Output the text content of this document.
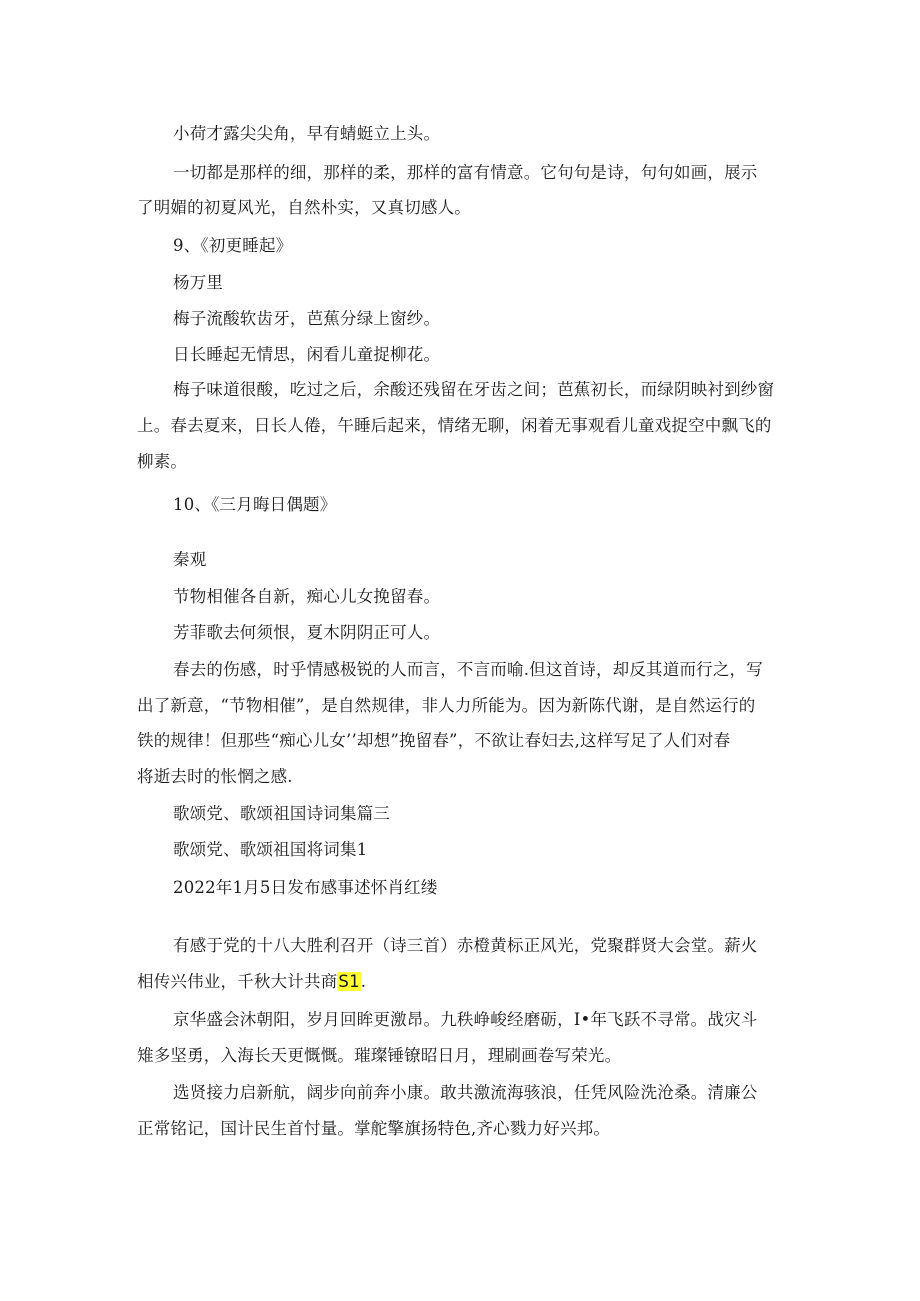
小荷才露尖尖角，早有蜻蜓立上头。
一切都是那样的细，那样的柔，那样的富有情意。它句句是诗，句句如画，展示
了明媚的初夏风光，自然朴实，又真切感人。
9、《初更睡起》
杨万里
梅子流酸软齿牙，芭蕉分绿上窗纱。
日长睡起无情思，闲看儿童捉柳花。
梅子味道很酸，吃过之后，余酸还残留在牙齿之间；芭蕉初长，而绿阴映衬到纱窗
上。春去夏来，日长人倦，午睡后起来，情绪无聊，闲着无事观看儿童戏捉空中飘飞的
柳素。
10、《三月晦日偶题》
秦观
节物相催各自新，痴心儿女挽留春。
芳菲歌去何须恨，夏木阴阴正可人。
春去的伤感，时乎情感极锐的人而言，不言而喻.但这首诗，却反其道而行之，写
出了新意，“节物相催”，是自然规律，非人力所能为。因为新陈代谢，是自然运行的
铁的规律！但那些“痴心儿女’’却想”挽留春”，不欲让春妇去,这样写足了人们对春
将逝去时的怅惘之感.
歌颂党、歌颂祖国诗词集篇三
歌颂党、歌颂祖国将词集1
2022年1月5日发布感事述怀肖红缕
有感于党的十八大胜利召开（诗三首）赤橙黄标正风光，党聚群贤大会堂。薪火
相传兴伟业，千秋大计共商S1.
京华盛会沐朝阳，岁月回眸更激昂。九秩峥峻经磨砺，I•年飞跃不寻常。战灾斗
雉多坚勇，入海长天更慨慨。璀璨锤镣昭日月，理刷画卷写荣光。
选贤接力启新航，阔步向前奔小康。敢共激流海骇浪，任凭风险洗沧桑。清廉公
正常铭记，国计民生首忖量。掌舵擎旗扬特色,齐心戮力好兴邦。
